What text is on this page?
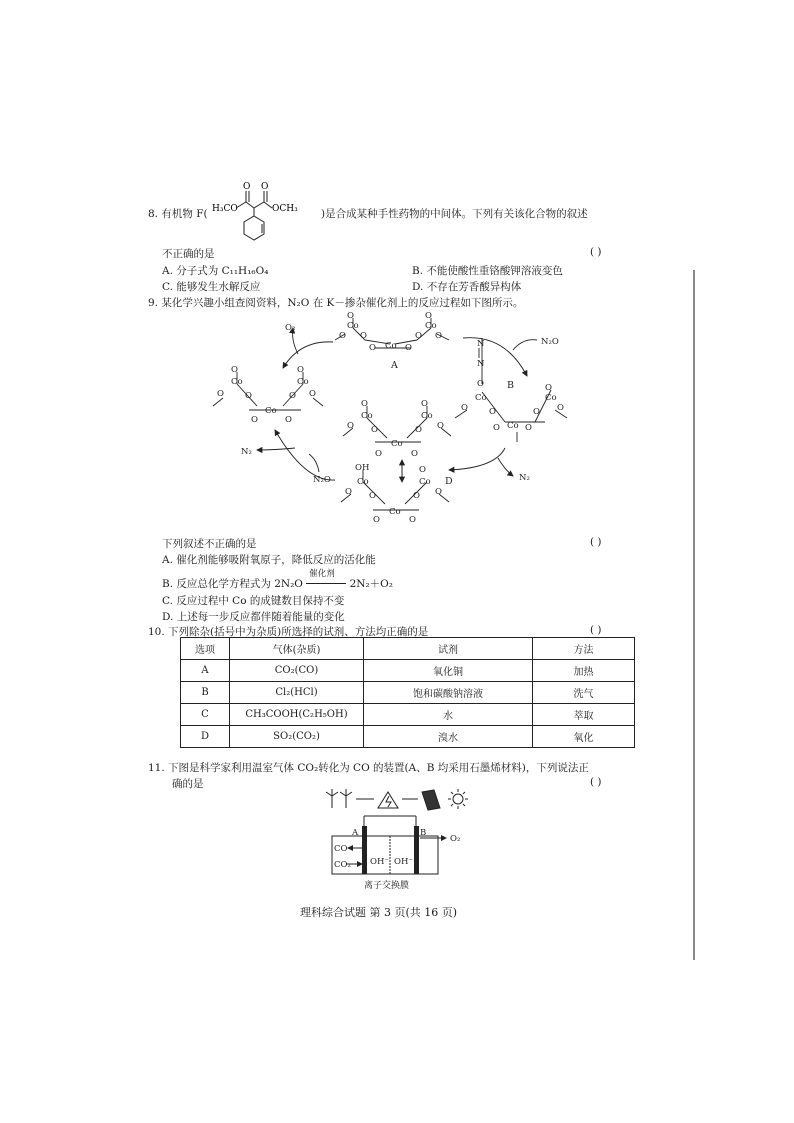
8. 有机物 F( H₃CO
O O
OCH₃ )是合成某种手性药物的中间体。下列有关该化合物的叙述
不正确的是	( )
A. 分子式为 C₁₁H₁₆O₄	B. 不能使酸性重铬酸钾溶液变色
C. 能够发生水解反应	D. 不存在芳香酸异构体
9. 某化学兴趣小组查阅资料，N₂O 在 K－掺杂催化剂上的反应过程如下图所示。
O	O
Co	Co
Co
O O	O O
O	O
A
N
N
O B
Co	Co
O
Co
O O	O O
O	O
O	O
Co	Co
Co
O O	O O
O	O
O	O
Co	Co
Co
O O	O O
O	O
OH
Co	Co
O
Co
O O	O O
O	O
D
O₂
N₂O
N₂
N₂
N₂O
下列叙述不正确的是	( )
A. 催化剂能够吸附氧原子，降低反应的活化能
B. 反应总化学方程式为 2N₂O
催化剂
2N₂＋O₂
C. 反应过程中 Co 的成键数目保持不变
D. 上述每一步反应都伴随着能量的变化
10. 下列除杂(括号中为杂质)所选择的试剂、方法均正确的是	( )
选项	气体(杂质)	试剂	方法
A	CO₂(CO)	氧化铜	加热
B	Cl₂(HCl)	饱和碳酸钠溶液	洗气
C	CH₃COOH(C₂H₅OH)	水	萃取
D	SO₂(CO₂)	溴水	氧化
11. 下图是科学家利用温室气体 CO₂转化为 CO 的装置(A、B 均采用石墨烯材料)，下列说法正
确的是	( )
A	B
CO
CO₂ OH⁻ OH⁻
O₂
离子交换膜
理科综合试题 第 3 页(共 16 页)
